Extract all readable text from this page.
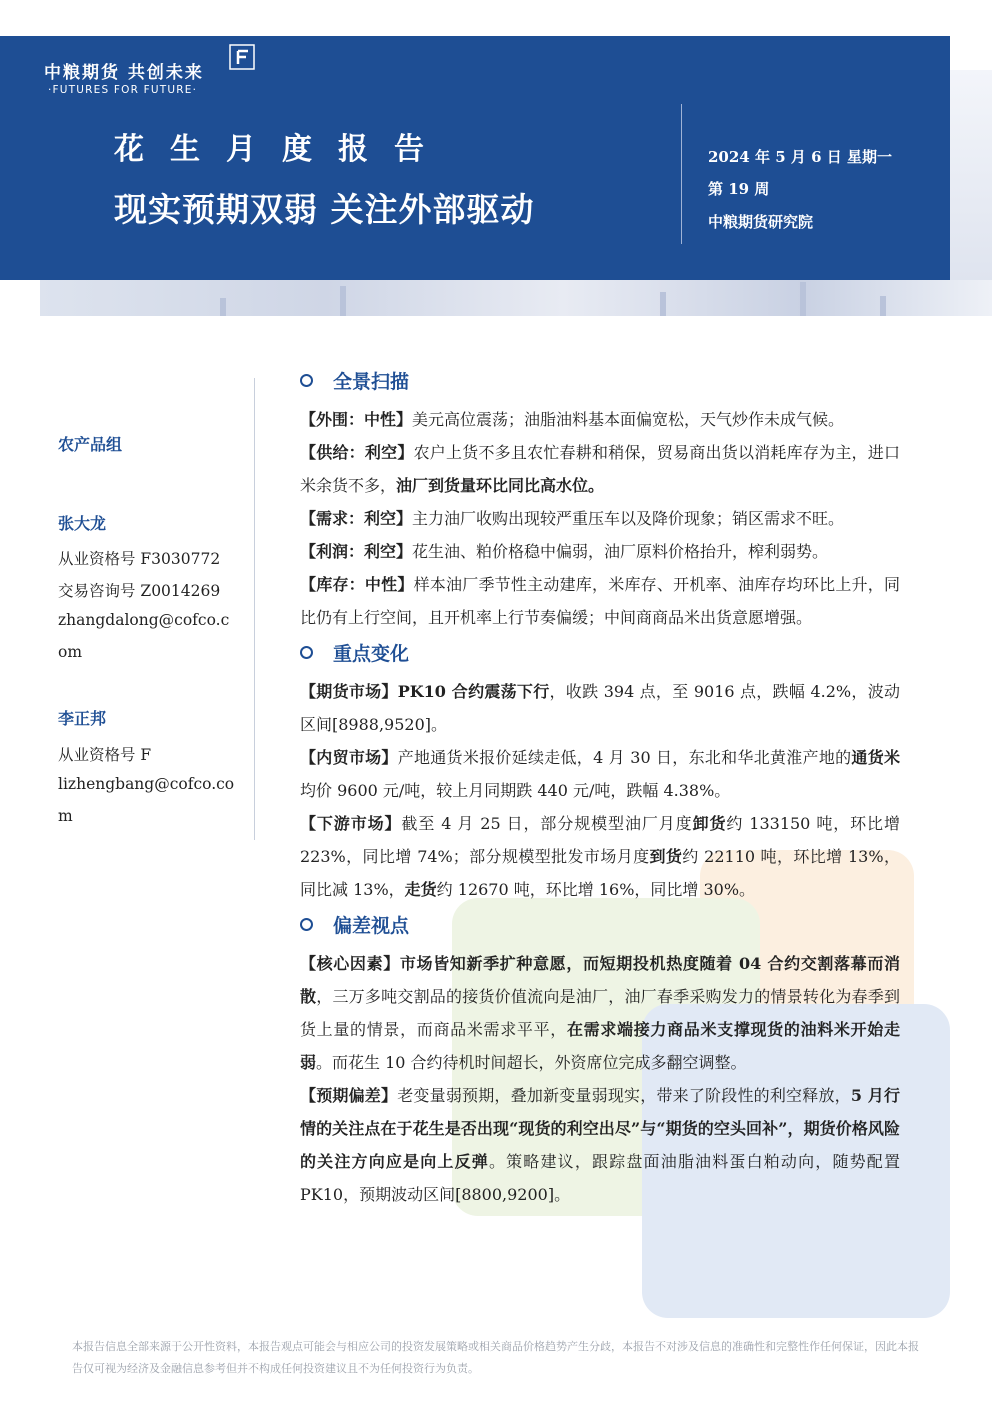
中粮期货 共创未来
·FUTURES FOR FUTURE·
花生月度报告
现实预期双弱 关注外部驱动
2024 年 5 月 6 日 星期一
第 19 周
中粮期货研究院
农产品组
张大龙
从业资格号 F3030772
交易咨询号 Z0014269
zhangdalong@cofco.c
om
李正邦
从业资格号 F
lizhengbang@cofco.co
m
全景扫描

【外围：中性】美元高位震荡；油脂油料基本面偏宽松，天气炒作未成气候。
【供给：利空】农户上货不多且农忙春耕和稍保，贸易商出货以消耗库存为主，进口米余货不多，油厂到货量环比同比高水位。
【需求：利空】主力油厂收购出现较严重压车以及降价现象；销区需求不旺。
【利润：利空】花生油、粕价格稳中偏弱，油厂原料价格抬升，榨利弱势。
【库存：中性】样本油厂季节性主动建库，米库存、开机率、油库存均环比上升，同比仍有上行空间，且开机率上行节奏偏缓；中间商商品米出货意愿增强。

重点变化

【期货市场】PK10 合约震荡下行，收跌 394 点，至 9016 点，跌幅 4.2%，波动区间[8988,9520]。
【内贸市场】产地通货米报价延续走低，4 月 30 日，东北和华北黄淮产地的通货米均价 9600 元/吨，较上月同期跌 440 元/吨，跌幅 4.38%。
【下游市场】截至 4 月 25 日，部分规模型油厂月度卸货约 133150 吨，环比增 223%，同比增 74%；部分规模型批发市场月度到货约 22110 吨，环比增 13%，同比减 13%，走货约 12670 吨，环比增 16%，同比增 30%。

偏差视点

【核心因素】市场皆知新季扩种意愿，而短期投机热度随着 04 合约交割落幕而消散，三万多吨交割品的接货价值流向是油厂，油厂春季采购发力的情景转化为春季到货上量的情景，而商品米需求平平，在需求端接力商品米支撑现货的油料米开始走弱。而花生 10 合约待机时间超长，外资席位完成多翻空调整。
【预期偏差】老变量弱预期，叠加新变量弱现实，带来了阶段性的利空释放，5 月行情的关注点在于花生是否出现“现货的利空出尽”与“期货的空头回补”，期货价格风险的关注方向应是向上反弹。策略建议，跟踪盘面油脂油料蛋白粕动向，随势配置 PK10，预期波动区间[8800,9200]。

本报告信息全部来源于公开性资料，本报告观点可能会与相应公司的投资发展策略或相关商品价格趋势产生分歧，本报告不对涉及信息的准确性和完整性作任何保证，因此本报告仅可视为经济及金融信息参考但并不构成任何投资建议且不为任何投资行为负责。
